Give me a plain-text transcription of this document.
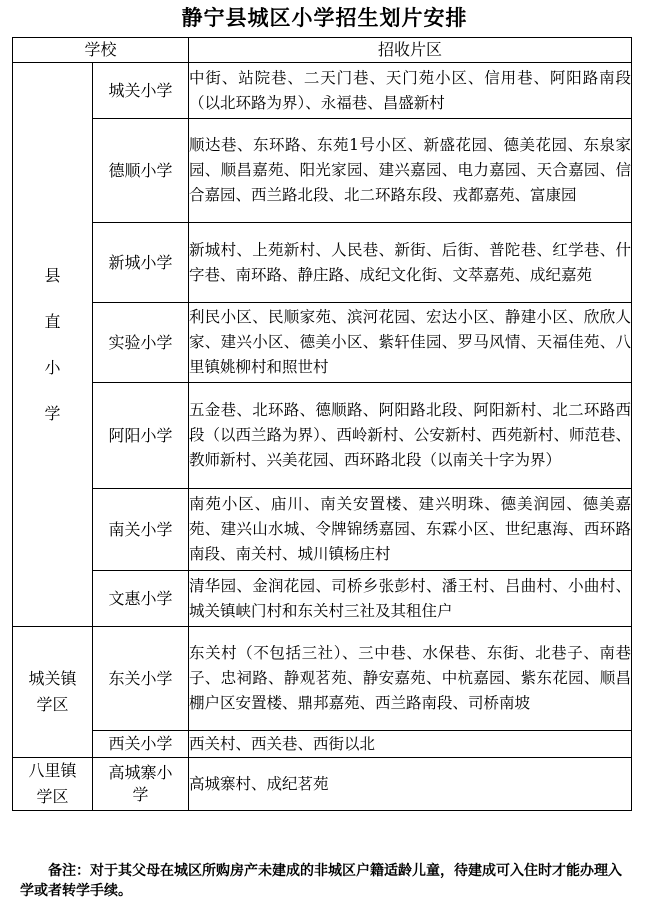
静宁县城区小学招生划片安排
学校		招收片区

县
直
小
学	城关小学	中街、站院巷、二天门巷、天门苑小区、信用巷、阿阳路南段（以北环路为界）、永福巷、昌盛新村
	德顺小学	顺达巷、东环路、东苑1号小区、新盛花园、德美花园、东泉家园、顺昌嘉苑、阳光家园、建兴嘉园、电力嘉园、天合嘉园、信合嘉园、西兰路北段、北二环路东段、戎都嘉苑、富康园
	新城小学	新城村、上苑新村、人民巷、新街、后街、普陀巷、红学巷、什字巷、南环路、静庄路、成纪文化街、文萃嘉苑、成纪嘉苑
	实验小学	利民小区、民顺家苑、滨河花园、宏达小区、静建小区、欣欣人家、建兴小区、德美小区、紫轩佳园、罗马风情、天福佳苑、八里镇姚柳村和照世村
	阿阳小学	五金巷、北环路、德顺路、阿阳路北段、阿阳新村、北二环路西段（以西兰路为界）、西岭新村、公安新村、西苑新村、师范巷、教师新村、兴美花园、西环路北段（以南关十字为界）
	南关小学	南苑小区、庙川、南关安置楼、建兴明珠、德美润园、德美嘉苑、建兴山水城、令牌锦绣嘉园、东霖小区、世纪惠海、西环路南段、南关村、城川镇杨庄村
	文惠小学	清华园、金润花园、司桥乡张彭村、潘王村、吕曲村、小曲村、城关镇峡门村和东关村三社及其租住户
城关镇学区	东关小学	东关村（不包括三社）、三中巷、水保巷、东街、北巷子、南巷子、忠祠路、静观茗苑、静安嘉苑、中杭嘉园、紫东花园、顺昌棚户区安置楼、鼎邦嘉苑、西兰路南段、司桥南坡
	西关小学	西关村、西关巷、西街以北
八里镇学区	高城寨小学	高城寨村、成纪茗苑
备注：对于其父母在城区所购房产未建成的非城区户籍适龄儿童，待建成可入住时才能办理入学或者转学手续。
